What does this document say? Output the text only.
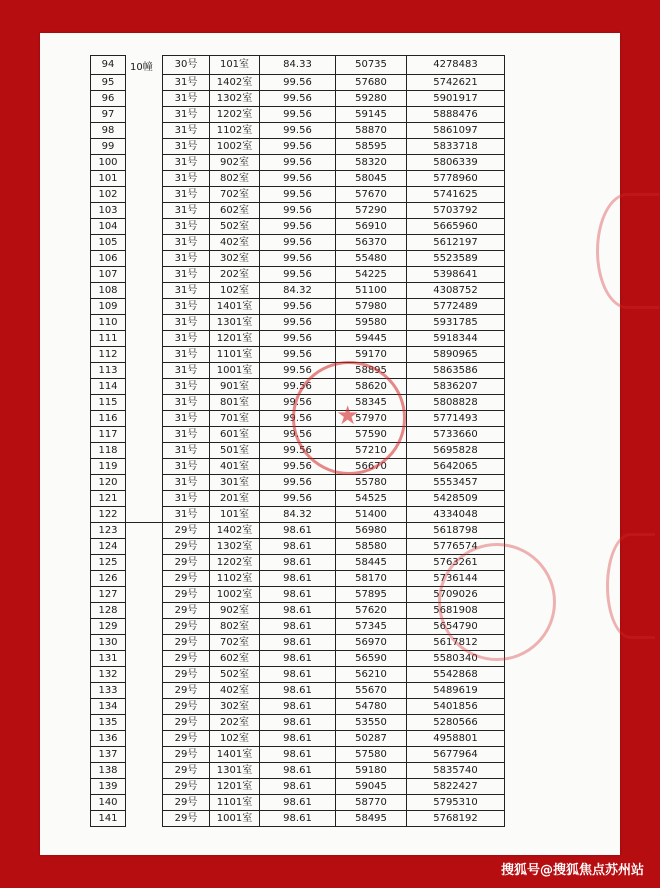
94	10幢	30号	101室	84.33	50735	4278483
95		31号	1402室	99.56	57680	5742621
96		31号	1302室	99.56	59280	5901917
97		31号	1202室	99.56	59145	5888476
98		31号	1102室	99.56	58870	5861097
99		31号	1002室	99.56	58595	5833718
100		31号	902室	99.56	58320	5806339
101		31号	802室	99.56	58045	5778960
102		31号	702室	99.56	57670	5741625
103		31号	602室	99.56	57290	5703792
104		31号	502室	99.56	56910	5665960
105		31号	402室	99.56	56370	5612197
106		31号	302室	99.56	55480	5523589
107		31号	202室	99.56	54225	5398641
108		31号	102室	84.32	51100	4308752
109		31号	1401室	99.56	57980	5772489
110		31号	1301室	99.56	59580	5931785
111		31号	1201室	99.56	59445	5918344
112		31号	1101室	99.56	59170	5890965
113		31号	1001室	99.56	58895	5863586
114		31号	901室	99.56	58620	5836207
115		31号	801室	99.56	58345	5808828
116		31号	701室	99.56	57970	5771493
117		31号	601室	99.56	57590	5733660
118		31号	501室	99.56	57210	5695828
119		31号	401室	99.56	56670	5642065
120		31号	301室	99.56	55780	5553457
121		31号	201室	99.56	54525	5428509
122		31号	101室	84.32	51400	4334048
123		29号	1402室	98.61	56980	5618798
124		29号	1302室	98.61	58580	5776574
125		29号	1202室	98.61	58445	5763261
126		29号	1102室	98.61	58170	5736144
127		29号	1002室	98.61	57895	5709026
128		29号	902室	98.61	57620	5681908
129		29号	802室	98.61	57345	5654790
130		29号	702室	98.61	56970	5617812
131		29号	602室	98.61	56590	5580340
132		29号	502室	98.61	56210	5542868
133		29号	402室	98.61	55670	5489619
134		29号	302室	98.61	54780	5401856
135		29号	202室	98.61	53550	5280566
136		29号	102室	98.61	50287	4958801
137		29号	1401室	98.61	57580	5677964
138		29号	1301室	98.61	59180	5835740
139		29号	1201室	98.61	59045	5822427
140		29号	1101室	98.61	58770	5795310
141		29号	1001室	98.61	58495	5768192
★
搜狐号@搜狐焦点苏州站
